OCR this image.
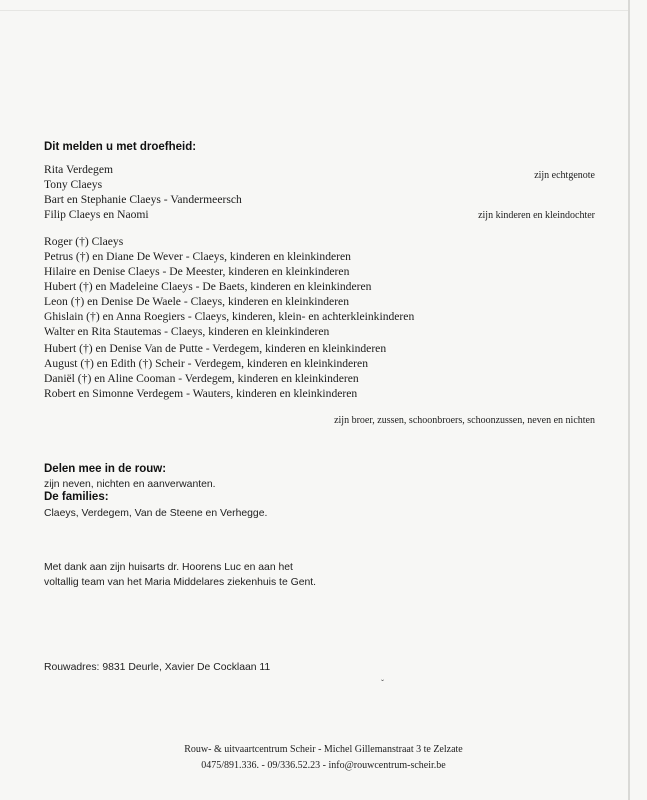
Dit melden u met droefheid:
Rita Verdegem
Tony Claeys
Bart en Stephanie Claeys - Vandermeersch
Filip Claeys en Naomi
zijn echtgenote
zijn kinderen en kleindochter
Roger (†) Claeys
Petrus (†) en Diane De Wever - Claeys, kinderen en kleinkinderen
Hilaire en Denise Claeys - De Meester, kinderen en kleinkinderen
Hubert (†) en Madeleine Claeys - De Baets, kinderen en kleinkinderen
Leon (†) en Denise De Waele - Claeys, kinderen en kleinkinderen
Ghislain (†) en Anna Roegiers - Claeys, kinderen, klein- en achterkleinkinderen
Walter en Rita Stautemas - Claeys, kinderen en kleinkinderen
Hubert (†) en Denise Van de Putte - Verdegem, kinderen en kleinkinderen
August (†) en Edith (†) Scheir - Verdegem, kinderen en kleinkinderen
Daniël (†) en Aline Cooman - Verdegem, kinderen en kleinkinderen
Robert en Simonne Verdegem - Wauters, kinderen en kleinkinderen
zijn broer, zussen, schoonbroers, schoonzussen, neven en nichten
Delen mee in de rouw:
zijn neven, nichten en aanverwanten.
De families:
Claeys, Verdegem, Van de Steene en Verhegge.
Met dank aan zijn huisarts dr. Hoorens Luc en aan het
voltallig team van het Maria Middelares ziekenhuis te Gent.
Rouwadres: 9831 Deurle, Xavier De Cocklaan 11
ˇ
Rouw- & uitvaartcentrum Scheir - Michel Gillemanstraat 3 te Zelzate
0475/891.336. - 09/336.52.23 - info@rouwcentrum-scheir.be
